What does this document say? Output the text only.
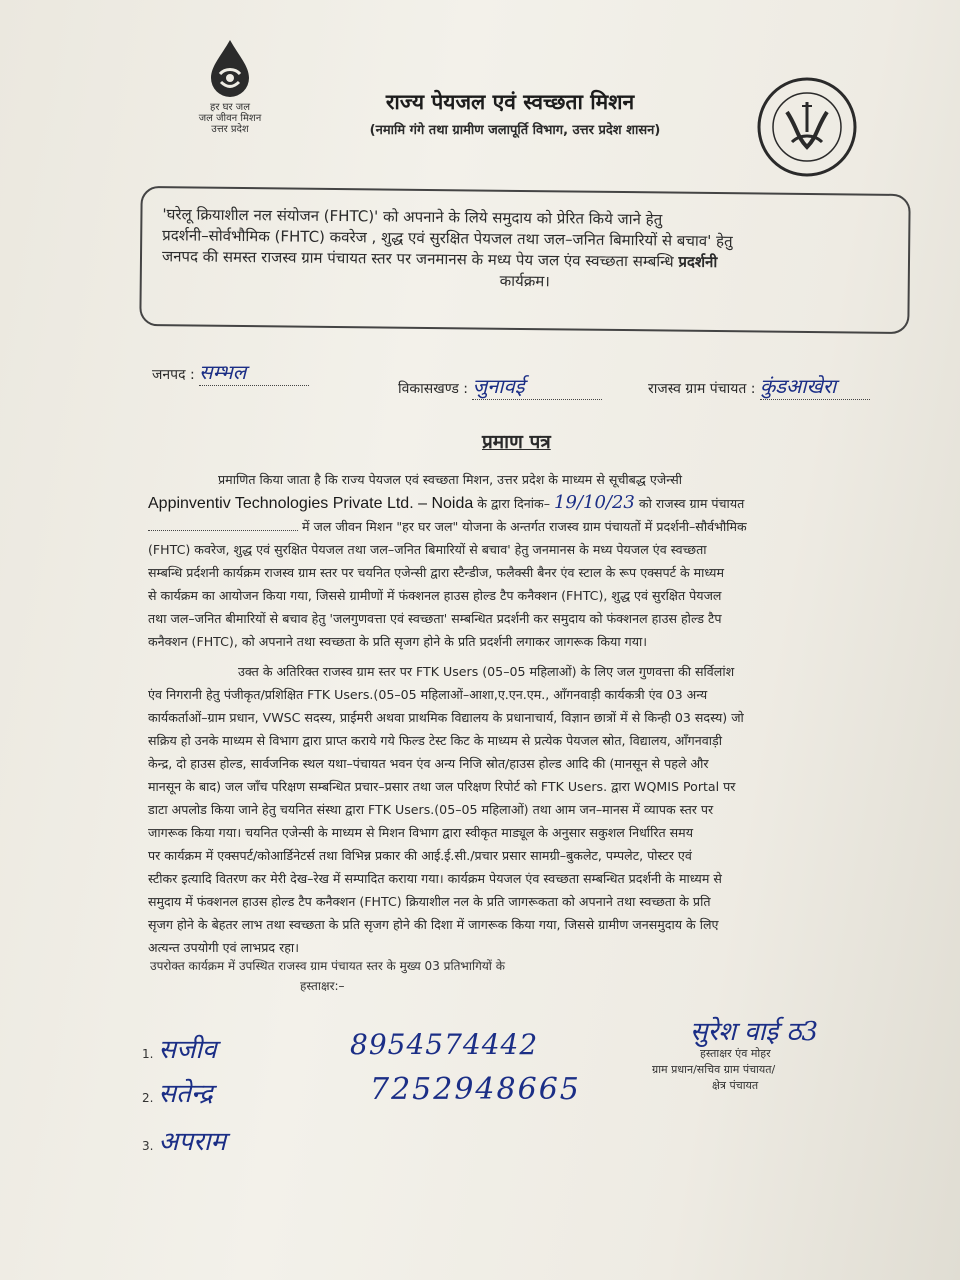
हर घर जल
जल जीवन मिशन
उत्तर प्रदेश
राज्य पेयजल एवं स्वच्छता मिशन
(नमामि गंगे तथा ग्रामीण जलापूर्ति विभाग, उत्तर प्रदेश शासन)
'घरेलू क्रियाशील नल संयोजन (FHTC)' को अपनाने के लिये समुदाय को प्रेरित किये जाने हेतु
प्रदर्शनी–सोर्वभौमिक (FHTC) कवरेज , शुद्ध एवं सुरक्षित पेयजल तथा जल–जनित बिमारियों से बचाव' हेतु
जनपद की समस्त राजस्व ग्राम पंचायत स्तर पर जनमानस के मध्य पेय जल एंव स्वच्छता सम्बन्धि प्रदर्शनी

कार्यक्रम।
जनपद : सम्भल
विकासखण्ड : जुनावई	राजस्व ग्राम पंचायत : कुंडआखेरा
प्रमाण पत्र
प्रमाणित किया जाता है कि राज्य पेयजल एवं स्वच्छता मिशन, उत्तर प्रदेश के माध्यम से सूचीबद्ध एजेन्सी
Appinventiv Technologies Private Ltd. – Noida के द्वारा दिनांक– 19/10/23 को राजस्व ग्राम पंचायत
में जल जीवन मिशन "हर घर जल" योजना के अन्तर्गत राजस्व ग्राम पंचायतों में प्रदर्शनी–सौर्वभौमिक
(FHTC) कवरेज, शुद्ध एवं सुरक्षित पेयजल तथा जल–जनित बिमारियों से बचाव' हेतु जनमानस के मध्य पेयजल एंव स्वच्छता
सम्बन्धि प्रर्दशनी कार्यक्रम राजस्व ग्राम स्तर पर चयनित एजेन्सी द्वारा स्टैन्डीज, फलैक्सी बैनर एंव स्टाल के रूप एक्सपर्ट के माध्यम
से कार्यक्रम का आयोजन किया गया, जिससे ग्रामीणों में फंक्शनल हाउस होल्ड टैप कनैक्शन (FHTC), शुद्ध एवं सुरक्षित पेयजल
तथा जल–जनित बीमारियों से बचाव हेतु 'जलगुणवत्ता एवं स्वच्छता' सम्बन्धित प्रदर्शनी कर समुदाय को फंक्शनल हाउस होल्ड टैप
कनैक्शन (FHTC), को अपनाने तथा स्वच्छता के प्रति सृजग होने के प्रति प्रदर्शनी लगाकर जागरूक किया गया।
उक्त के अतिरिक्त राजस्व ग्राम स्तर पर FTK Users (05–05 महिलाओं) के लिए जल गुणवत्ता की सर्विलांश
एंव निगरानी हेतु पंजीकृत/प्रशिक्षित FTK Users.(05–05 महिलाओं–आशा,ए.एन.एम., आँगनवाड़ी कार्यकत्री एंव 03 अन्य
कार्यकर्ताओं–ग्राम प्रधान, VWSC सदस्य, प्राईमरी अथवा प्राथमिक विद्यालय के प्रधानाचार्य, विज्ञान छात्रों में से किन्ही 03 सदस्य) जो
सक्रिय हो उनके माध्यम से विभाग द्वारा प्राप्त कराये गये फिल्ड टेस्ट किट के माध्यम से प्रत्येक पेयजल स्रोत, विद्यालय, आँगनवाड़ी
केन्द्र, दो हाउस होल्ड, सार्वजनिक स्थल यथा–पंचायत भवन एंव अन्य निजि स्रोत/हाउस होल्ड आदि की (मानसून से पहले और
मानसून के बाद) जल जाँच परिक्षण सम्बन्धित प्रचार–प्रसार तथा जल परिक्षण रिपोर्ट को FTK Users. द्वारा WQMIS Portal पर
डाटा अपलोड किया जाने हेतु चयनित संस्था द्वारा FTK Users.(05–05 महिलाओं) तथा आम जन–मानस में व्यापक स्तर पर
जागरूक किया गया। चयनित एजेन्सी के माध्यम से मिशन विभाग द्वारा स्वीकृत माड्यूल के अनुसार सकुशल निर्धारित समय
पर कार्यक्रम में एक्सपर्ट/कोआर्डिनेटर्स तथा विभिन्न प्रकार की आई.ई.सी./प्रचार प्रसार सामग्री–बुकलेट, पम्पलेट, पोस्टर एवं
स्टीकर इत्यादि वितरण कर मेरी देख–रेख में सम्पादित कराया गया। कार्यक्रम पेयजल एंव स्वच्छता सम्बन्धित प्रदर्शनी के माध्यम से
समुदाय में फंक्शनल हाउस होल्ड टैप कनैक्शन (FHTC) क्रियाशील नल के प्रति जागरूकता को अपनाने तथा स्वच्छता के प्रति
सृजग होने के बेहतर लाभ तथा स्वच्छता के प्रति सृजग होने की दिशा में जागरूक किया गया, जिससे ग्रामीण जनसमुदाय के लिए
अत्यन्त उपयोगी एवं लाभप्रद रहा।
उपरोक्त कार्यक्रम में उपस्थित राजस्व ग्राम पंचायत स्तर के मुख्य 03 प्रतिभागियों के
हस्ताक्षर:–
1. सजीव	8954574442
2. सतेन्द्र	7252948665
3. अपराम
सुरेश वाई ठ3
हस्ताक्षर एंव मोहर
ग्राम प्रधान/सचिव ग्राम पंचायत/
क्षेत्र पंचायत
